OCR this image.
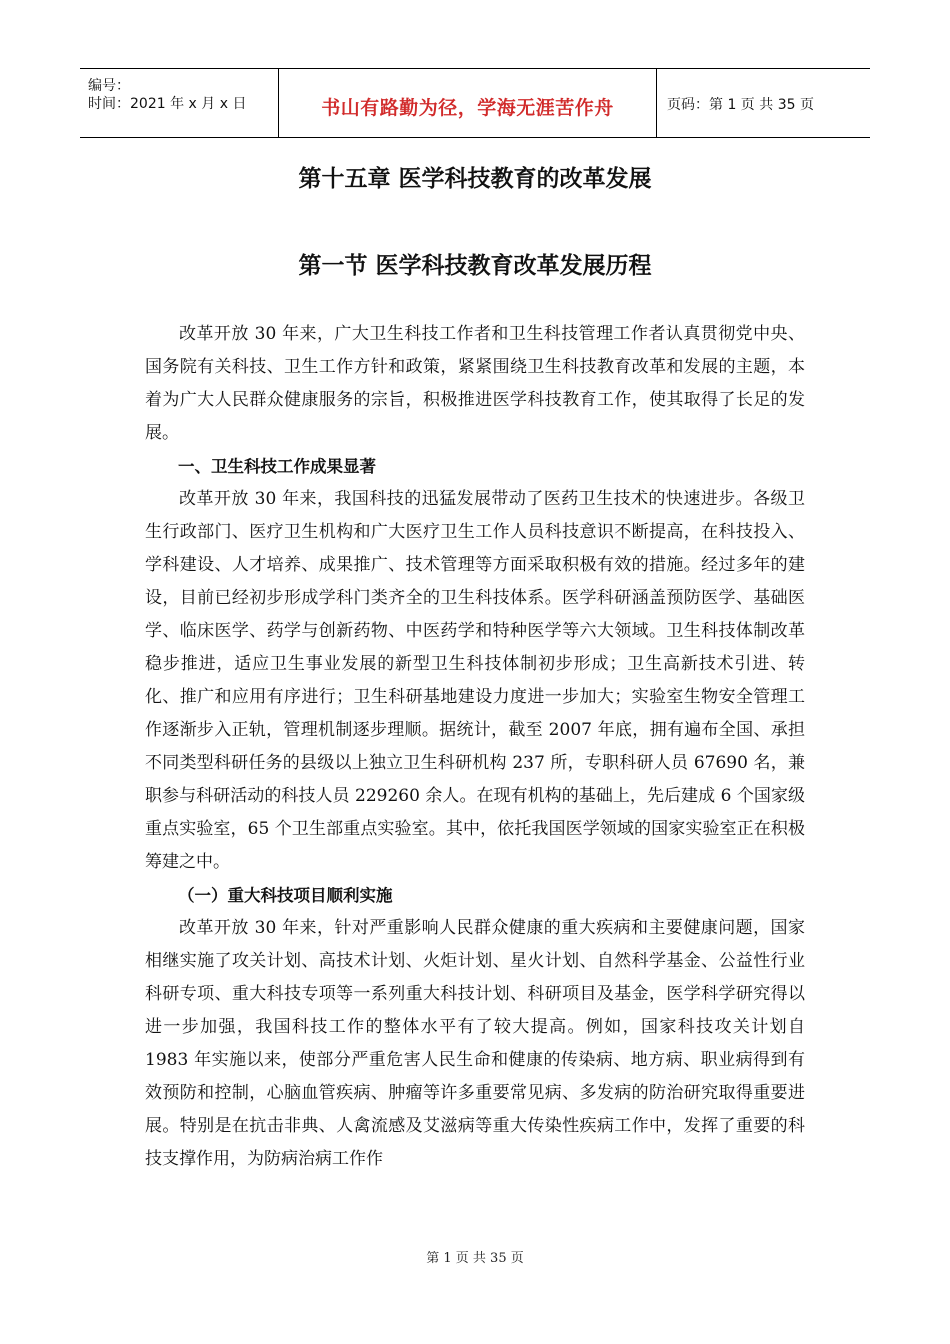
编号：
时间：2021 年 x 月 x 日	书山有路勤为径，学海无涯苦作舟	页码：第 1 页 共 35 页
第十五章 医学科技教育的改革发展
第一节 医学科技教育改革发展历程

改革开放 30 年来，广大卫生科技工作者和卫生科技管理工作者认真贯彻党中央、国务院有关科技、卫生工作方针和政策，紧紧围绕卫生科技教育改革和发展的主题，本着为广大人民群众健康服务的宗旨，积极推进医学科技教育工作，使其取得了长足的发展。

一、卫生科技工作成果显著

改革开放 30 年来，我国科技的迅猛发展带动了医药卫生技术的快速进步。各级卫生行政部门、医疗卫生机构和广大医疗卫生工作人员科技意识不断提高，在科技投入、学科建设、人才培养、成果推广、技术管理等方面采取积极有效的措施。经过多年的建设，目前已经初步形成学科门类齐全的卫生科技体系。医学科研涵盖预防医学、基础医学、临床医学、药学与创新药物、中医药学和特种医学等六大领域。卫生科技体制改革稳步推进，适应卫生事业发展的新型卫生科技体制初步形成；卫生高新技术引进、转化、推广和应用有序进行；卫生科研基地建设力度进一步加大；实验室生物安全管理工作逐渐步入正轨，管理机制逐步理顺。据统计，截至 2007 年底，拥有遍布全国、承担不同类型科研任务的县级以上独立卫生科研机构 237 所，专职科研人员 67690 名，兼职参与科研活动的科技人员 229260 余人。在现有机构的基础上，先后建成 6 个国家级重点实验室，65 个卫生部重点实验室。其中，依托我国医学领域的国家实验室正在积极筹建之中。

（一）重大科技项目顺利实施

改革开放 30 年来，针对严重影响人民群众健康的重大疾病和主要健康问题，国家相继实施了攻关计划、高技术计划、火炬计划、星火计划、自然科学基金、公益性行业科研专项、重大科技专项等一系列重大科技计划、科研项目及基金，医学科学研究得以进一步加强，我国科技工作的整体水平有了较大提高。例如，国家科技攻关计划自 1983 年实施以来，使部分严重危害人民生命和健康的传染病、地方病、职业病得到有效预防和控制，心脑血管疾病、肿瘤等许多重要常见病、多发病的防治研究取得重要进展。特别是在抗击非典、人禽流感及艾滋病等重大传染性疾病工作中，发挥了重要的科技支撑作用，为防病治病工作作

第 1 页 共 35 页
